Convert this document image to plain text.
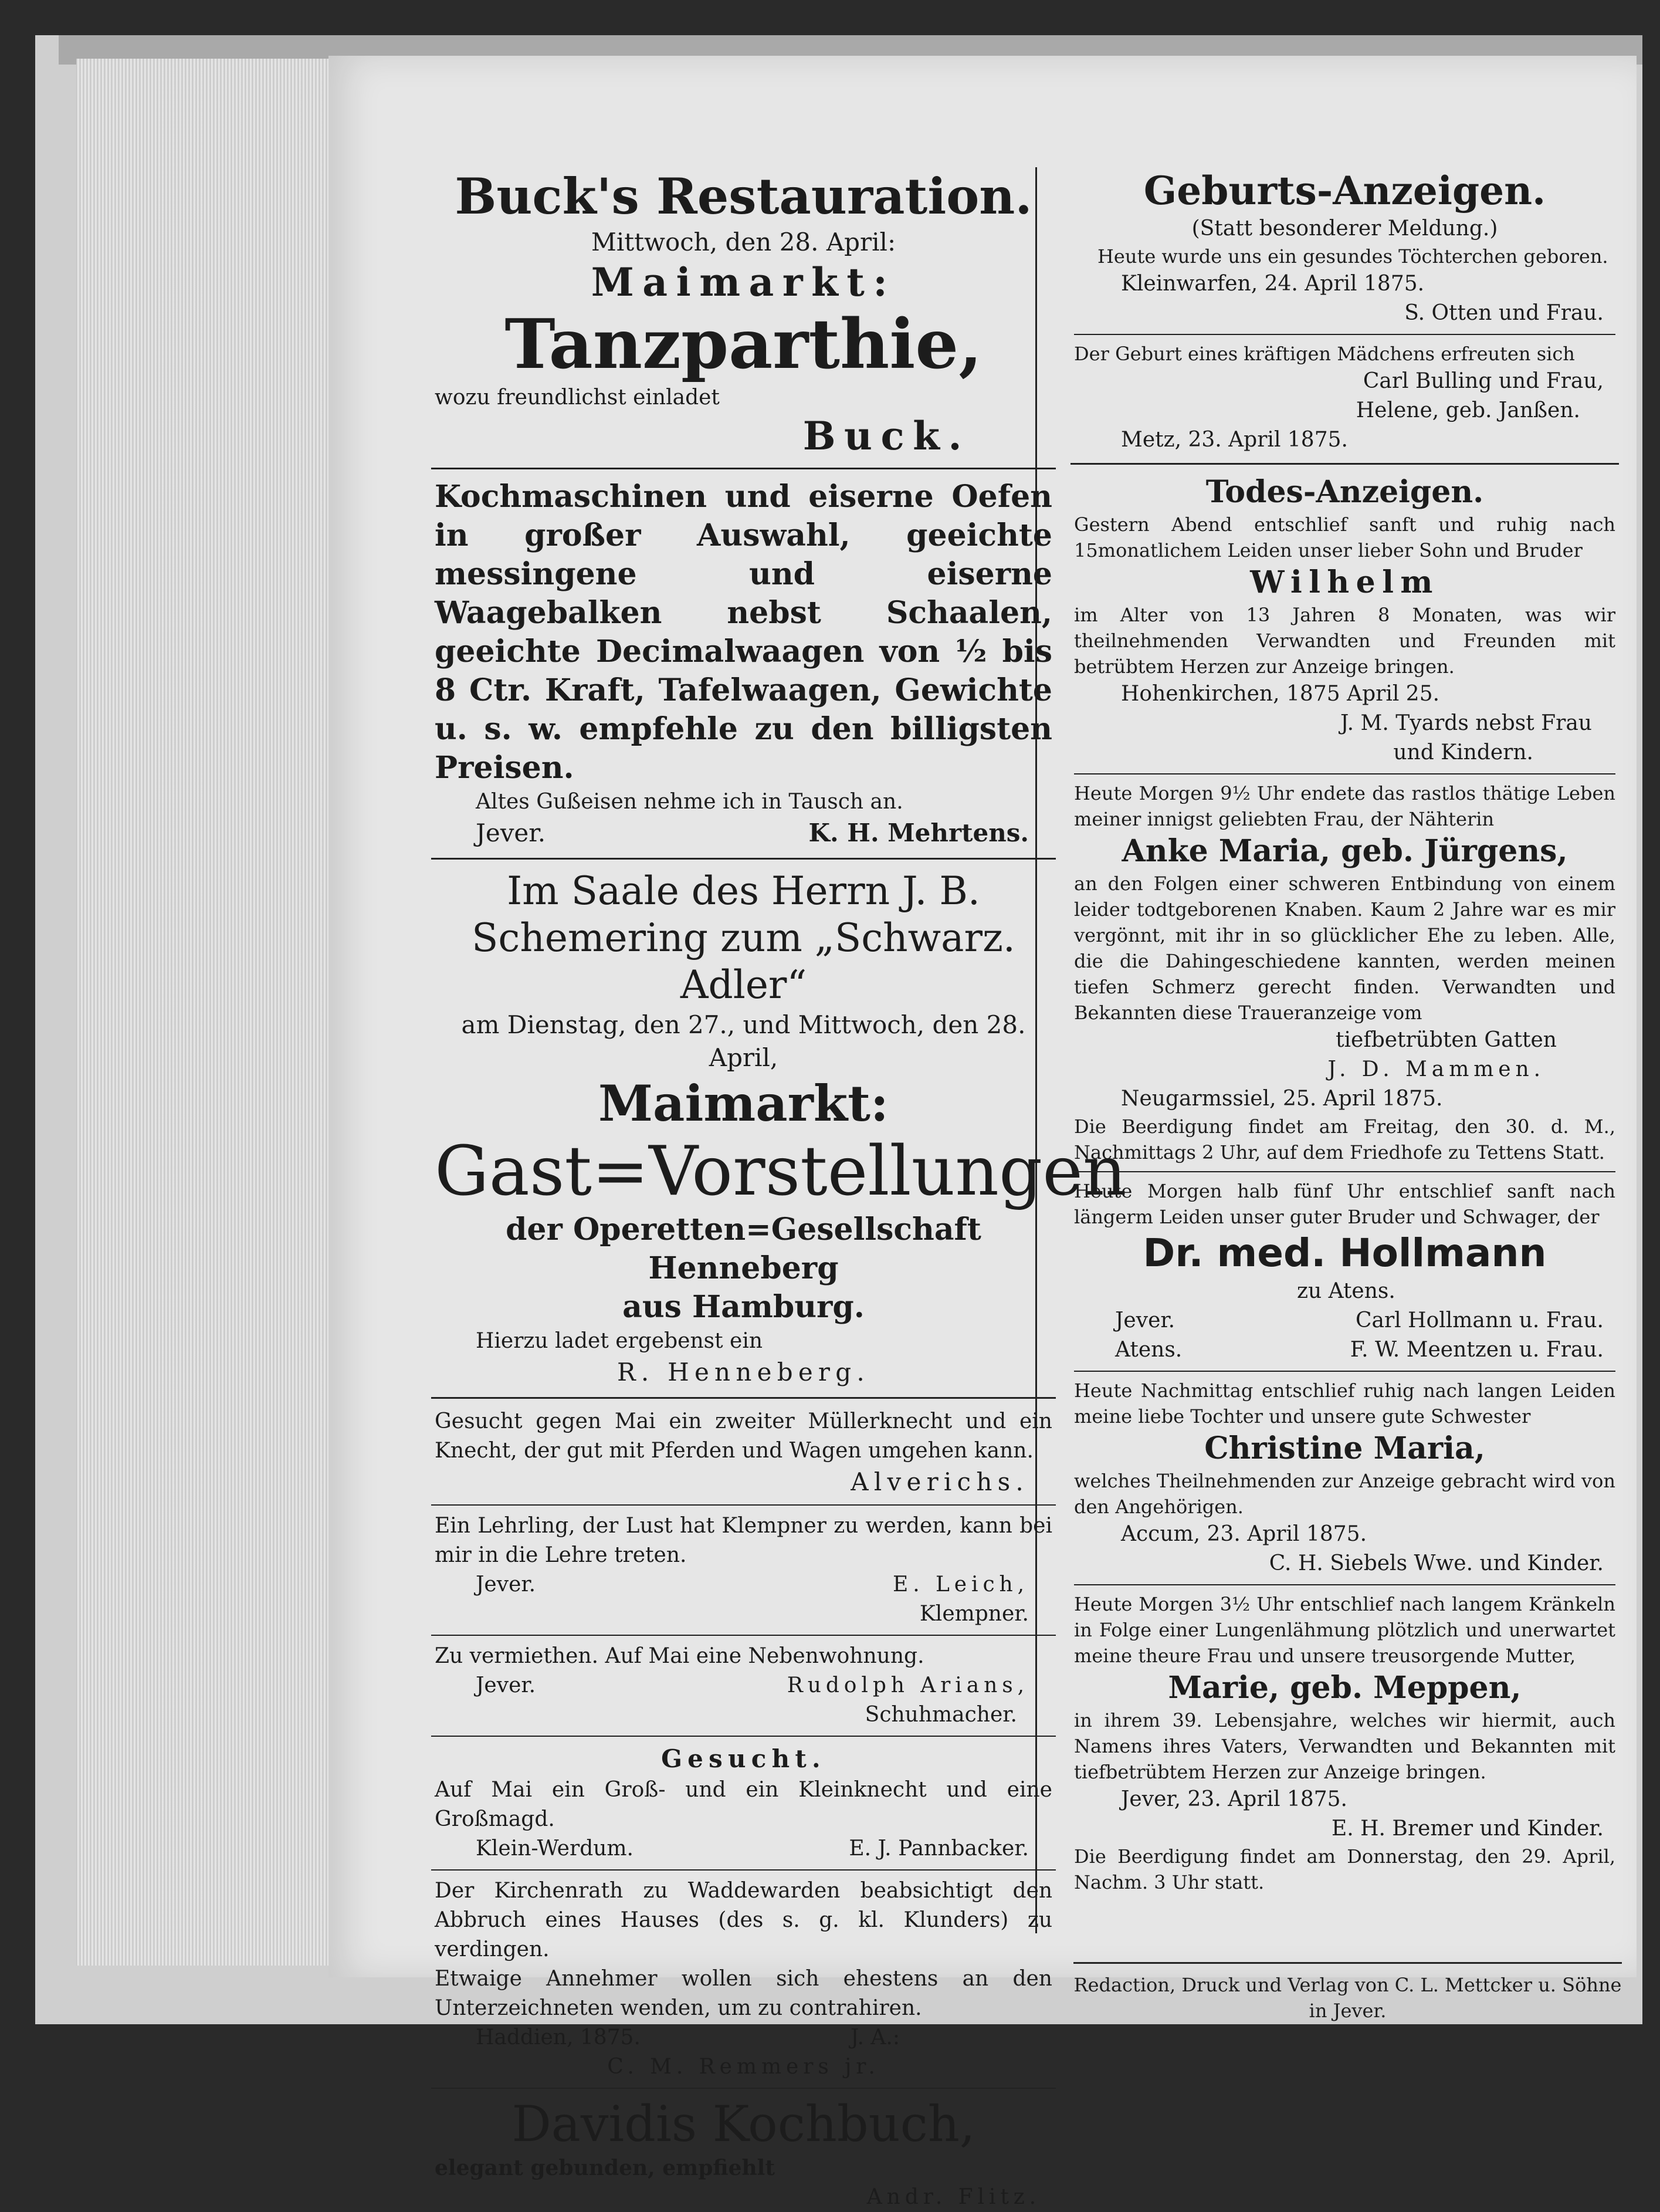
Buck's Restauration.

Mittwoch, den 28. April:

Maimarkt:

Tanzparthie,

wozu freundlichst einladet

Buck.

Kochmaschinen und eiserne Oefen in großer Auswahl, geeichte messingene und eiserne Waagebalken nebst Schaalen, geeichte Decimalwaagen von ½ bis 8 Ctr. Kraft, Tafelwaagen, Gewichte u. s. w. empfehle zu den billigsten Preisen.

Altes Gußeisen nehme ich in Tausch an.

Jever.	K. H. Mehrtens.

Im Saale des Herrn J. B.

Schemering zum „Schwarz. Adler“

am Dienstag, den 27., und Mittwoch, den 28. April,

Maimarkt:

Gast=Vorstellungen

der Operetten=Gesellschaft Henneberg

aus Hamburg.

Hierzu ladet ergebenst ein

R. Henneberg.

Gesucht gegen Mai ein zweiter Müllerknecht und ein Knecht, der gut mit Pferden und Wagen umgehen kann.

Alverichs.

Ein Lehrling, der Lust hat Klempner zu werden, kann bei mir in die Lehre treten.

Jever.	E. Leich,

Klempner.

Zu vermiethen. Auf Mai eine Nebenwohnung.

Jever.	Rudolph Arians,

Schuhmacher.

Gesucht.

Auf Mai ein Groß- und ein Kleinknecht und eine Großmagd.

Klein-Werdum.	E. J. Pannbacker.

Der Kirchenrath zu Waddewarden beabsichtigt den Abbruch eines Hauses (des s. g. kl. Klunders) zu verdingen.

Etwaige Annehmer wollen sich ehestens an den Unterzeichneten wenden, um zu contrahiren.

Haddien, 1875.	J. A.:

C. M. Remmers jr.

Davidis Kochbuch,

elegant gebunden, empfiehlt

Andr. Flitz.

Geburts-Anzeigen.

(Statt besonderer Meldung.)

Heute wurde uns ein gesundes Töchterchen geboren.

Kleinwarfen, 24. April 1875.

S. Otten und Frau.

Der Geburt eines kräftigen Mädchens erfreuten sich

Carl Bulling und Frau,

Helene, geb. Janßen.

Metz, 23. April 1875.

Todes-Anzeigen.

Gestern Abend entschlief sanft und ruhig nach 15monatlichem Leiden unser lieber Sohn und Bruder

Wilhelm

im Alter von 13 Jahren 8 Monaten, was wir theilnehmenden Verwandten und Freunden mit betrübtem Herzen zur Anzeige bringen.

Hohenkirchen, 1875 April 25.

J. M. Tyards nebst Frau

und Kindern.

Heute Morgen 9½ Uhr endete das rastlos thätige Leben meiner innigst geliebten Frau, der Nähterin

Anke Maria, geb. Jürgens,

an den Folgen einer schweren Entbindung von einem leider todtgeborenen Knaben. Kaum 2 Jahre war es mir vergönnt, mit ihr in so glücklicher Ehe zu leben. Alle, die die Dahingeschiedene kannten, werden meinen tiefen Schmerz gerecht finden. Verwandten und Bekannten diese Traueranzeige vom

tiefbetrübten Gatten

J. D. Mammen.

Neugarmssiel, 25. April 1875.

Die Beerdigung findet am Freitag, den 30. d. M., Nachmittags 2 Uhr, auf dem Friedhofe zu Tettens Statt.

Heute Morgen halb fünf Uhr entschlief sanft nach längerm Leiden unser guter Bruder und Schwager, der

Dr. med. Hollmann

zu Atens.

Jever.	Carl Hollmann u. Frau.
Atens.	F. W. Meentzen u. Frau.

Heute Nachmittag entschlief ruhig nach langen Leiden meine liebe Tochter und unsere gute Schwester

Christine Maria,

welches Theilnehmenden zur Anzeige gebracht wird von den Angehörigen.

Accum, 23. April 1875.

C. H. Siebels Wwe. und Kinder.

Heute Morgen 3½ Uhr entschlief nach langem Kränkeln in Folge einer Lungenlähmung plötzlich und unerwartet meine theure Frau und unsere treusorgende Mutter,

Marie, geb. Meppen,

in ihrem 39. Lebensjahre, welches wir hiermit, auch Namens ihres Vaters, Verwandten und Bekannten mit tiefbetrübtem Herzen zur Anzeige bringen.

Jever, 23. April 1875.

E. H. Bremer und Kinder.

Die Beerdigung findet am Donnerstag, den 29. April, Nachm. 3 Uhr statt.

Redaction, Druck und Verlag von C. L. Mettcker u. Söhne in Jever.
